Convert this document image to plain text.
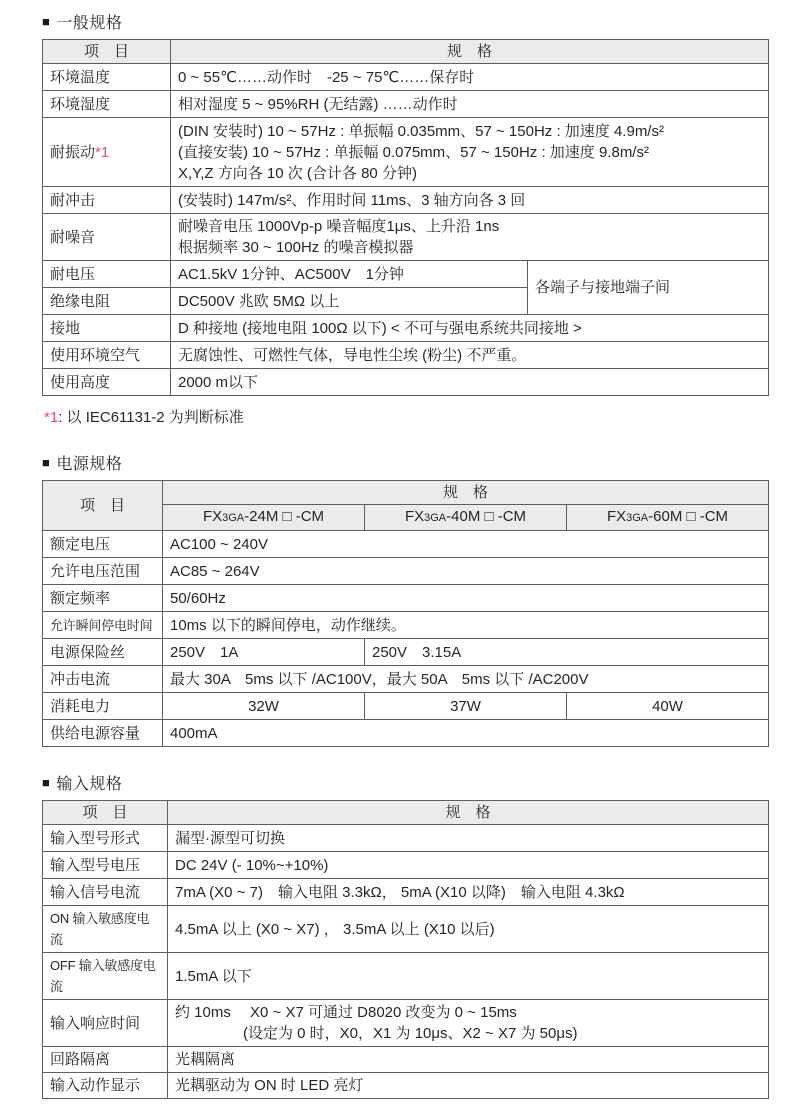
■ 一般规格
项　目	规　格	
环境温度	0 ~ 55℃……动作时　-25 ~ 75℃……保存时	
环境湿度	相对湿度 5 ~ 95%RH (无结露) ……动作时	
耐振动*1	(DIN 安装时) 10 ~ 57Hz : 单振幅 0.035mm、57 ~ 150Hz : 加速度 4.9m/s²
(直接安装) 10 ~ 57Hz : 单振幅 0.075mm、57 ~ 150Hz : 加速度 9.8m/s²
X,Y,Z 方向各 10 次 (合计各 80 分钟)	

耐冲击	(安装时) 147m/s²、作用时间 11ms、3 轴方向各 3 回	
耐噪音	耐噪音电压 1000Vp-p 噪音幅度1μs、上升沿 1ns
根据频率 30 ~ 100Hz 的噪音模拟器	

耐电压	AC1.5kV 1分钟、AC500V　1分钟	各端子与接地端子间
绝缘电阻	DC500V 兆欧 5MΩ 以上	
接地	D 种接地 (接地电阻 100Ω 以下) < 不可与强电系统共同接地 >	
使用环境空气	无腐蚀性、可燃性气体，导电性尘埃 (粉尘) 不严重。	
使用高度	2000 m以下	
*1: 以 IEC61131-2 为判断标准
■ 电源规格
项　目	规　格		
	FX3GA-24M □ -CM	FX3GA-40M □ -CM	FX3GA-60M □ -CM
额定电压	AC100 ~ 240V		
允许电压范围	AC85 ~ 264V		
额定频率	50/60Hz		
允许瞬间停电时间	10ms 以下的瞬间停电，动作继续。		
电源保险丝	250V　1A	250V　3.15A	
冲击电流	最大 30A　5ms 以下 /AC100V，最大 50A　5ms 以下 /AC200V		
消耗电力	32W	37W	40W
供给电源容量	400mA		
■ 输入规格
项　目	规　格
输入型号形式	漏型·源型可切换
输入型号电压	DC 24V (- 10%~+10%)
输入信号电流	7mA (X0 ~ 7)　输入电阻 3.3kΩ， 5mA (X10 以降)　输入电阻 4.3kΩ
ON 输入敏感度电流	4.5mA 以上 (X0 ~ X7) ， 3.5mA 以上 (X10 以后)
OFF 输入敏感度电流	1.5mA 以下
输入响应时间	约 10ms　 X0 ~ X7 可通过 D8020 改变为 0 ~ 15ms
(设定为 0 时，X0，X1 为 10μs、X2 ~ X7 为 50μs)

回路隔离	光耦隔离
输入动作显示	光耦驱动为 ON 时 LED 亮灯
